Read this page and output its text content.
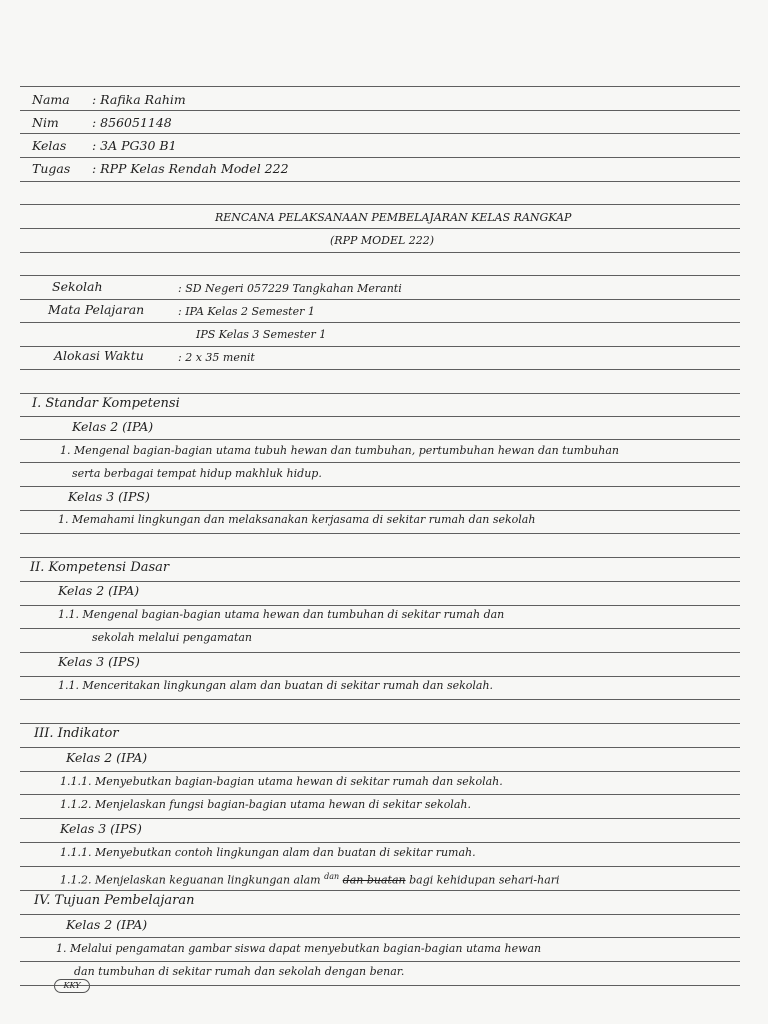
Nama : Rafika Rahim
Nim	: 856051148
Kelas : 3A PG30 B1
Tugas : RPP Kelas Rendah Model 222
RENCANA PELAKSANAAN PEMBELAJARAN KELAS RANGKAP
(RPP MODEL 222)
Sekolah	: SD Negeri 057229 Tangkahan Meranti
Mata Pelajaran	: IPA Kelas 2 Semester 1
IPS Kelas 3 Semester 1
Alokasi Waktu	: 2 x 35 menit
I. Standar Kompetensi
Kelas 2 (IPA)
1. Mengenal bagian-bagian utama tubuh hewan dan tumbuhan, pertumbuhan hewan dan tumbuhan
serta berbagai tempat hidup makhluk hidup.
Kelas 3 (IPS)
1. Memahami lingkungan dan melaksanakan kerjasama di sekitar rumah dan sekolah
II. Kompetensi Dasar
Kelas 2 (IPA)
1.1. Mengenal bagian-bagian utama hewan dan tumbuhan di sekitar rumah dan
sekolah melalui pengamatan
Kelas 3 (IPS)
1.1. Menceritakan lingkungan alam dan buatan di sekitar rumah dan sekolah.
III. Indikator
Kelas 2 (IPA)
1.1.1. Menyebutkan bagian-bagian utama hewan di sekitar rumah dan sekolah.
1.1.2. Menjelaskan fungsi bagian-bagian utama hewan di sekitar sekolah.
Kelas 3 (IPS)
1.1.1. Menyebutkan contoh lingkungan alam dan buatan di sekitar rumah.
1.1.2. Menjelaskan keguanan lingkungan alam $^{dan}$ dan buatan bagi kehidupan sehari-hari
IV. Tujuan Pembelajaran
Kelas 2 (IPA)
1. Melalui pengamatan gambar siswa dapat menyebutkan bagian-bagian utama hewan
dan tumbuhan di sekitar rumah dan sekolah dengan benar.
KKY
